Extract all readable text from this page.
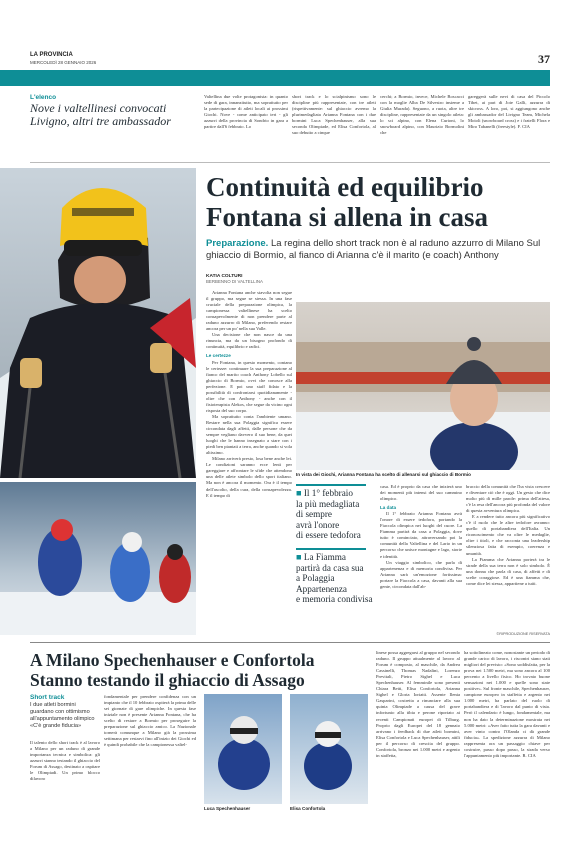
LA PROVINCIA
MERCOLEDÌ 28 GENNAIO 2026	37
L'elenco
Nove i valtellinesi convocati
Livigno, altri tre ambassador
Valtellina due volte protagonista: in quanto sede di gara, innanzitutto, ma soprattutto per la partecipazione di atleti locali ai prossimi Giochi. Nove - come anticipato ieri - gli azzurri della provincia di Sondrio in gara a partire dall'6 febbraio. Lo
short track e lo scialpinismo sono le discipline più rappresentate, con tre atleti (rispettivamente: sul ghiaccio avremo la plurimedagliata Arianna Fontana con i due bormini Luca Spechenhauser, alla sua seconda Olimpiade, ed Elisa Confortola, al suo debutto a cinque
cerchi; a Bormio, invece, Michele Boscacci con la moglie Alba De Silvestro insieme a Giulia Murada). Seguono, a ruota, altre tre discipline, rappresentate da un singolo atleta: lo sci alpino, con Elena Curtoni, lo snowboard alpino, con Maurizio Bormolini che
gareggerà sulle nevi di casa del Piccolo Tibet, ai pari di Joie Galli, azzurra di skicross. A loro, poi, si aggiungono anche gli ambassador del Livigno Team, Michela Moioli (snowboard cross) e i fratelli Flora e Miro Tabanelli (freestyle). F. CIA
Continuità ed equilibrio
Fontana si allena in casa
Preparazione. La regina dello short track non è al raduno azzurro di Milano Sul ghiaccio di Bormio, al fianco di Arianna c'è il marito (e coach) Anthony
KATIA COLTURI
BERBENNO DI VALTELLINA

Arianna Fontana anche stavolta non segue il gruppo, ma segue se stessa. In una fase cruciale della preparazione olimpica, la campionessa valtellinese ha scelto consapevolmente di non prendere parte al raduno azzurro di Milano, preferendo restare ancora per un po' nella sua Valle.

Una decisione che non nasce da una rinuncia, ma da un bisogno profondo di continuità, equilibrio e radici.

Le certezze

Per Fontana, in questo momento, contano le certezze: continuare la sua preparazione al fianco del marito coach Anthony Lobello sul ghiaccio di Bormio, ovvi che conosce alla perfezione. E poi uno staff fidato e la possibilità di confrontarsi quotidianamente - oltre che con Anthony - anche con il fisioterapista Alekos, che segue da vicino ogni risposta del suo corpo.

Ma soprattutto conta l'ambiente umano. Restare nella sua Polaggia significa essere circondata dagli affetti, dalle persone che da sempre vegliano davvero il suo bene, da quei luoghi che le hanno insegnato a stare con i piedi ben piantati a terra, anche quando si vola altissimo.

Milano arriverà presto, losa bene anche lei. Le condizioni saranno ecce lenti per gareggiare e affrontare le sfide che attendono una delle atlete simbolo dello sport italiano. Ma non è ancora il momento. Ora è il tempo dell'ascolto, della cura, della consapevolezza. E il tempo di

In vista dei Giochi, Arianna Fontana ha scelto di allenarsi sul ghiaccio di Bormio
■ Il 1° febbraio
la più medagliata
di sempre
avrà l'onore
di essere tedofora
■ La Fiamma
partirà da casa sua
a Polaggia
Appartenenza
e memoria condivisa

casa. Ed è proprio da casa che inizierà uno dei momenti più intensi del suo cammino olimpico.

La data

Il 1° febbraio Arianna Fontana avrà l'onore di essere tedofora, portando la Fiaccola olimpica nei luoghi del cuore. La Fiamma partirà da casa a Polaggia, dove tutto è cominciato, attraversando poi la comunità della Valtellina e del Lario in un percorso che unisce montagne e lago, storie e identità.

Un viaggio simbolico, che parla di appartenenza e di memoria condivisa. Per Arianna sarà un'emozione fortissima: portare la Fiaccola a casa, davanti alla sua gente, circondata dall'ab-

braccio della comunità che l'ha vista crescere e diventare ciò che è oggi. Un gesto che dice molto più di mille parole: prima dell'attesa, c'è la resa dell'ancora più profonda del valore di questa avventura olimpica.

E a rendere tutto ancora più significativo c'è il ruolo che le altre tedofore avranno: quello di portabandiera dell'Italia. Un riconoscimento che va oltre le medaglie, oltre i titoli, e che racconta una leadership silenziosa fatta di esempio, coerenza e umanità.

La Fiamma che Arianna porterà tra le strade della sua terra non è solo simbolo. È una donna che parla di casa, di affetti e di scelte coraggiose. Ed è una fiamma che, come dice lei stessa, appartiene a tutti.

©RIPRODUZIONE RISERVATA
A Milano Spechenhauser e Confortola
Stanno testando il ghiaccio di Assago
Short track
I due atleti bormini guardano con ottimismo all'appuntamento olimpico «C'è grande fiducia»
Il talento dello short track è al lavoro a Milano per un raduno di grande importanza tecnica e simbolica: gli azzurri stanno testando il ghiaccio del Forum di Assago, destinato a ospitare le Olimpiadi. Un primo blocco dilavoro
fondamentale per prendere confidenza con un impianto che il 10 febbraio ospiterà la prima delle sei giornate di gare olimpiche. In questa fase iniziale non è presente Arianna Fontana, che ha scelto di restare a Bormio per proseguire la preparazione sul ghiaccio amico. La Nazionale tornerà comunque a Milano già la prossima settimana per restarvi fino all'inizio dei Giochi ed è quindi probabile che la campionessa valtel-
Luca Spechenhauser	Elisa Confortola
linese possa aggregarsi al gruppo nel secondo raduno. Il gruppo attualmente al lavoro al Forum è composto, al maschile, da Andrea Cassinelli, Thomas Nadalini, Lorenzo Previtali, Pietro Sighel e Luca Spechenhauser. Al femminile sono presenti Chiara Betti, Elisa Confortola, Arianna Sighel e Gloria Ioriatti. Assente Ilenia Gasparini, costretta a rinunciare alla sua quinta Olimpiade a causa del grave infortunio alla tibia e perone riportato ai recenti Campionati europei di Tilburg. Proprio dagli Europei del 18 gennaio arrivano i feedback di due atleti bormini, Elisa Confortola e Luca Spechenhauser, attili per il percorso di crescita del gruppo. Confortola, bronzo nei 1.000 metri e argento in staffetta,
ha sottolineato come, nonostante un periodo di grande carico di lavoro, i riscontri siano stati migliori del previsto: «Sono soddisfatta, per la prova nei 1.500 metri, ma sono ancora al 100 percento a livello fisico. Ho trovato buone sensazioni nei 1.000 e quelle sono state positive». Sul fronte maschile, Spechenhauser, campione europeo in staffetta e argento nei 1.000 metri, ha parlato del ruolo di portabandiera e di 'lavoro dal punto di vista. Però il calendario è lungo, fondamentale, ma non ha dato la determinazione mostrata nei 5.000 metri: «Aver fatto tutta la gara davanti e aver vinto contro l'Olanda ci dà grande fiducia». La spedizione azzurra di Milano rappresenta ora un passaggio chiave per costruire, passo dopo passo, la strada verso l'appuntamento più importante. R. CIA
